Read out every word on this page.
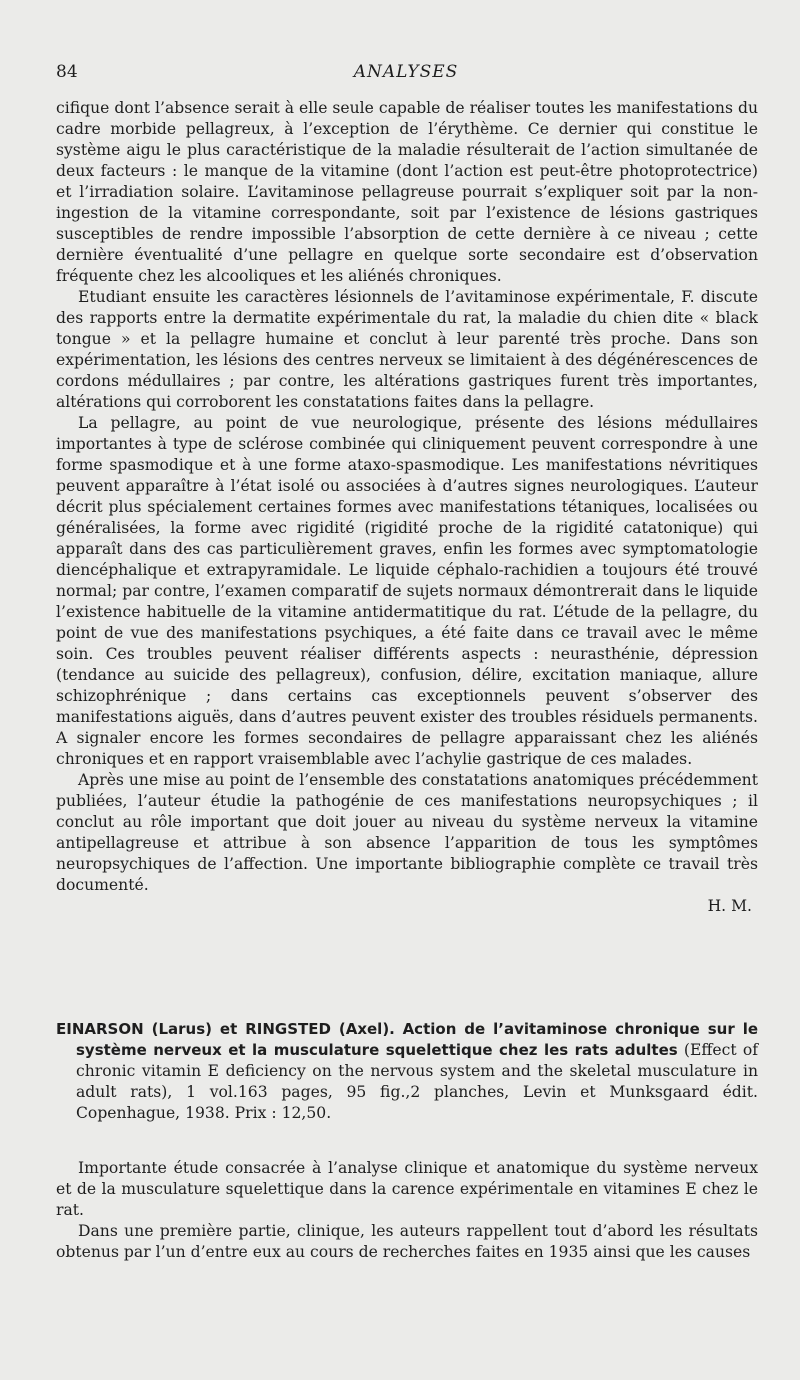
84	ANALYSES

cifique dont l’absence serait à elle seule capable de réaliser toutes les manifestations du cadre morbide pellagreux, à l’exception de l’érythème. Ce dernier qui constitue le système aigu le plus caractéristique de la maladie résulterait de l’action simultanée de deux facteurs : le manque de la vitamine (dont l’action est peut-être photoprotectrice) et l’irradiation solaire. L’avitaminose pellagreuse pourrait s’expliquer soit par la non-ingestion de la vitamine correspondante, soit par l’existence de lésions gastriques susceptibles de rendre impossible l’absorption de cette dernière à ce niveau ; cette dernière éventualité d’une pellagre en quelque sorte secondaire est d’observation fréquente chez les alcooliques et les aliénés chroniques.

Etudiant ensuite les caractères lésionnels de l’avitaminose expérimentale, F. discute des rapports entre la dermatite expérimentale du rat, la maladie du chien dite « black tongue » et la pellagre humaine et conclut à leur parenté très proche. Dans son expérimentation, les lésions des centres nerveux se limitaient à des dégénérescences de cordons médullaires ; par contre, les altérations gastriques furent très importantes, altérations qui corroborent les constatations faites dans la pellagre.

La pellagre, au point de vue neurologique, présente des lésions médullaires importantes à type de sclérose combinée qui cliniquement peuvent correspondre à une forme spasmodique et à une forme ataxo-spasmodique. Les manifestations névritiques peuvent apparaître à l’état isolé ou associées à d’autres signes neurologiques. L’auteur décrit plus spécialement certaines formes avec manifestations tétaniques, localisées ou généralisées, la forme avec rigidité (rigidité proche de la rigidité catatonique) qui apparaît dans des cas particulièrement graves, enfin les formes avec symptomatologie diencéphalique et extrapyramidale. Le liquide céphalo-rachidien a toujours été trouvé normal; par contre, l’examen comparatif de sujets normaux démontrerait dans le liquide l’existence habituelle de la vitamine antidermatitique du rat. L’étude de la pellagre, du point de vue des manifestations psychiques, a été faite dans ce travail avec le même soin. Ces troubles peuvent réaliser différents aspects : neurasthénie, dépression (tendance au suicide des pellagreux), confusion, délire, excitation maniaque, allure schizophrénique ; dans certains cas exceptionnels peuvent s’observer des manifestations aiguës, dans d’autres peuvent exister des troubles résiduels permanents. A signaler encore les formes secondaires de pellagre apparaissant chez les aliénés chroniques et en rapport vraisemblable avec l’achylie gastrique de ces malades.

Après une mise au point de l’ensemble des constatations anatomiques précédemment publiées, l’auteur étudie la pathogénie de ces manifestations neuropsychiques ; il conclut au rôle important que doit jouer au niveau du système nerveux la vitamine antipellagreuse et attribue à son absence l’apparition de tous les symptômes neuropsychiques de l’affection. Une importante bibliographie complète ce travail très documenté.

H. M.

EINARSON (Larus) et RINGSTED (Axel). Action de l’avitaminose chronique sur le système nerveux et la musculature squelettique chez les rats adultes (Effect of chronic vitamin E deficiency on the nervous system and the skeletal musculature in adult rats), 1 vol.163 pages, 95 fig.,2 planches, Levin et Munksgaard édit. Copenhague, 1938. Prix : 12,50.

Importante étude consacrée à l’analyse clinique et anatomique du système nerveux et de la musculature squelettique dans la carence expérimentale en vitamines E chez le rat.

Dans une première partie, clinique, les auteurs rappellent tout d’abord les résultats obtenus par l’un d’entre eux au cours de recherches faites en 1935 ainsi que les causes
